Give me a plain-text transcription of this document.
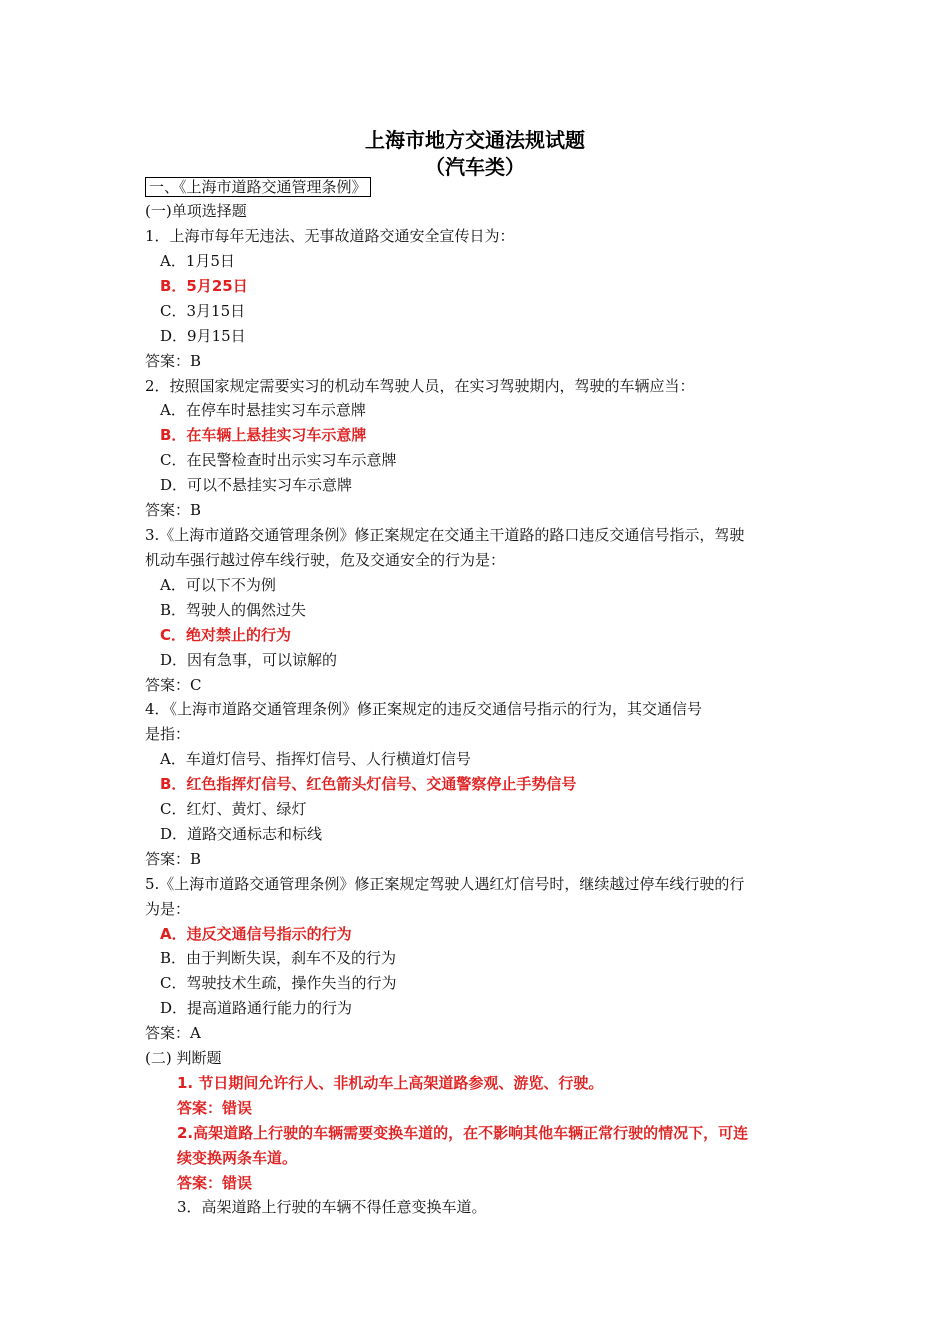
上海市地方交通法规试题
（汽车类）
一、《上海市道路交通管理条例》
(一)单项选择题
1．上海市每年无违法、无事故道路交通安全宣传日为：
A．1月5日
B．5月25日
C．3月15日
D．9月15日
答案：B
2．按照国家规定需要实习的机动车驾驶人员，在实习驾驶期内，驾驶的车辆应当：
A．在停车时悬挂实习车示意牌
B．在车辆上悬挂实习车示意牌
C．在民警检查时出示实习车示意牌
D．可以不悬挂实习车示意牌
答案：B
3.《上海市道路交通管理条例》修正案规定在交通主干道路的路口违反交通信号指示，驾驶
机动车强行越过停车线行驶，危及交通安全的行为是：
A．可以下不为例
B．驾驶人的偶然过失
C．绝对禁止的行为
D．因有急事，可以谅解的
答案：C
4．《上海市道路交通管理条例》修正案规定的违反交通信号指示的行为，其交通信号
是指：
A．车道灯信号、指挥灯信号、人行横道灯信号
B．红色指挥灯信号、红色箭头灯信号、交通警察停止手势信号
C．红灯、黄灯、绿灯
D．道路交通标志和标线
答案：B
5.《上海市道路交通管理条例》修正案规定驾驶人遇红灯信号时，继续越过停车线行驶的行
为是：
A．违反交通信号指示的行为
B．由于判断失误，刹车不及的行为
C．驾驶技术生疏，操作失当的行为
D．提高道路通行能力的行为
答案：A
(二) 判断题
1. 节日期间允许行人、非机动车上高架道路参观、游览、行驶。
答案：错误
2.高架道路上行驶的车辆需要变换车道的，在不影响其他车辆正常行驶的情况下，可连
续变换两条车道。
答案：错误
3．高架道路上行驶的车辆不得任意变换车道。
